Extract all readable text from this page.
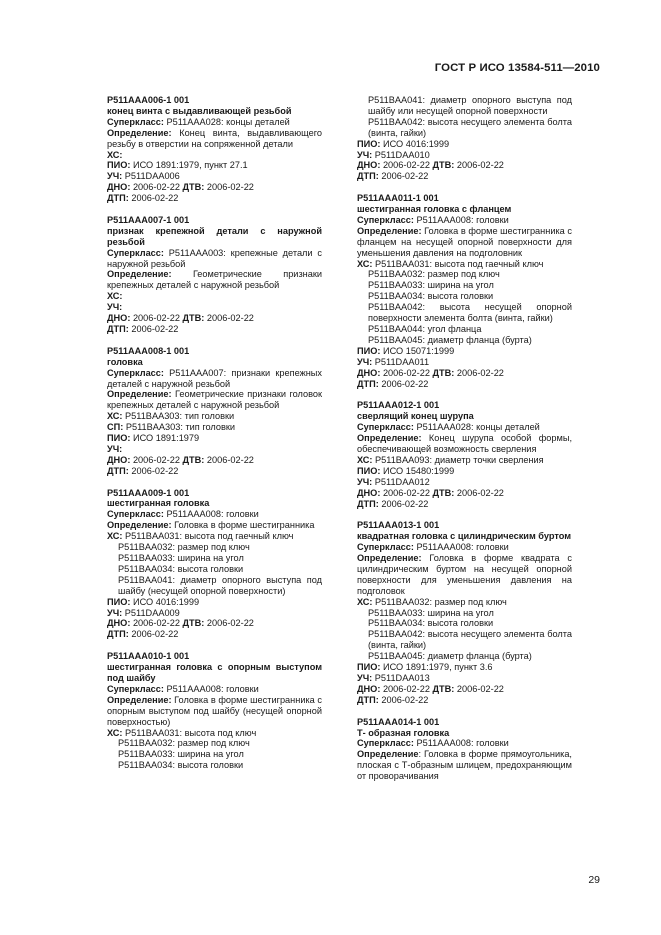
ГОСТ Р ИСО 13584-511—2010

P511AAA006-1 001

конец винта с выдавливающей резьбой

Суперкласс: P511AAA028: концы деталей

Определение: Конец винта, выдавливающего резьбу в отверстии на сопряженной детали

ХС:

ПИО: ИСО 1891:1979, пункт 27.1

УЧ: P511DAA006

ДНО: 2006-02-22 ДТВ: 2006-02-22

ДТП: 2006-02-22

P511AAA007-1 001

признак крепежной детали с наружной резьбой

Суперкласс: P511AAA003: крепежные детали с наружной резьбой

Определение: Геометрические признаки крепежных деталей с наружной резьбой

ХС:

УЧ:

ДНО: 2006-02-22 ДТВ: 2006-02-22

ДТП: 2006-02-22

P511AAA008-1 001

головка

Суперкласс: P511AAA007: признаки крепежных деталей с наружной резьбой

Определение: Геометрические признаки головок крепежных деталей с наружной резьбой

ХС: P511BAA303: тип головки

СП: P511BAA303: тип головки

ПИО: ИСО 1891:1979

УЧ:

ДНО: 2006-02-22 ДТВ: 2006-02-22

ДТП: 2006-02-22

P511AAA009-1 001

шестигранная головка

Суперкласс: P511AAA008: головки

Определение: Головка в форме шестигранника

ХС: P511BAA031: высота под гаечный ключ

P511BAA032: размер под ключ

P511BAA033: ширина на угол

P511BAA034: высота головки

P511BAA041: диаметр опорного выступа под шайбу (несущей опорной поверхности)

ПИО: ИСО 4016:1999

УЧ: P511DAA009

ДНО: 2006-02-22 ДТВ: 2006-02-22

ДТП: 2006-02-22

P511AAA010-1 001

шестигранная головка с опорным выступом под шайбу

Суперкласс: P511AAA008: головки

Определение: Головка в форме шестигранника с опорным выступом под шайбу (несущей опорной поверхностью)

ХС: P511BAA031: высота под ключ

P511BAA032: размер под ключ

P511BAA033: ширина на угол

P511BAA034: высота головки

P511BAA041: диаметр опорного выступа под шайбу или несущей опорной поверхности

P511BAA042: высота несущего элемента болта (винта, гайки)

ПИО: ИСО 4016:1999

УЧ: P511DAA010

ДНО: 2006-02-22 ДТВ: 2006-02-22

ДТП: 2006-02-22

P511AAA011-1 001

шестигранная головка с фланцем

Суперкласс: P511AAA008: головки

Определение: Головка в форме шестигранника с фланцем на несущей опорной поверхности для уменьшения давления на подголовник

ХС: P511BAA031: высота под гаечный ключ

P511BAA032: размер под ключ

P511BAA033: ширина на угол

P511BAA034: высота головки

P511BAA042: высота несущей опорной поверхности элемента болта (винта, гайки)

P511BAA044: угол фланца

P511BAA045: диаметр фланца (бурта)

ПИО: ИСО 15071:1999

УЧ: P511DAA011

ДНО: 2006-02-22 ДТВ: 2006-02-22

ДТП: 2006-02-22

P511AAA012-1 001

сверлящий конец шурупа

Суперкласс: P511AAA028: концы деталей

Определение: Конец шурупа особой формы, обеспечивающей возможность сверления

ХС: P511BAA093: диаметр точки сверления

ПИО: ИСО 15480:1999

УЧ: P511DAA012

ДНО: 2006-02-22 ДТВ: 2006-02-22

ДТП: 2006-02-22

P511AAA013-1 001

квадратная головка с цилиндрическим буртом

Суперкласс: P511AAA008: головки

Определение: Головка в форме квадрата с цилиндрическим буртом на несущей опорной поверхности для уменьшения давления на подголовок

ХС: P511BAA032: размер под ключ

P511BAA033: ширина на угол

P511BAA034: высота головки

P511BAA042: высота несущего элемента болта (винта, гайки)

P511BAA045: диаметр фланца (бурта)

ПИО: ИСО 1891:1979, пункт 3.6

УЧ: P511DAA013

ДНО: 2006-02-22 ДТВ: 2006-02-22

ДТП: 2006-02-22

P511AAA014-1 001

Т- образная головка

Суперкласс: P511AAA008: головки

Определение: Головка в форме прямоугольника, плоская с Т-образным шлицем, предохраняющим от проворачивания

29
